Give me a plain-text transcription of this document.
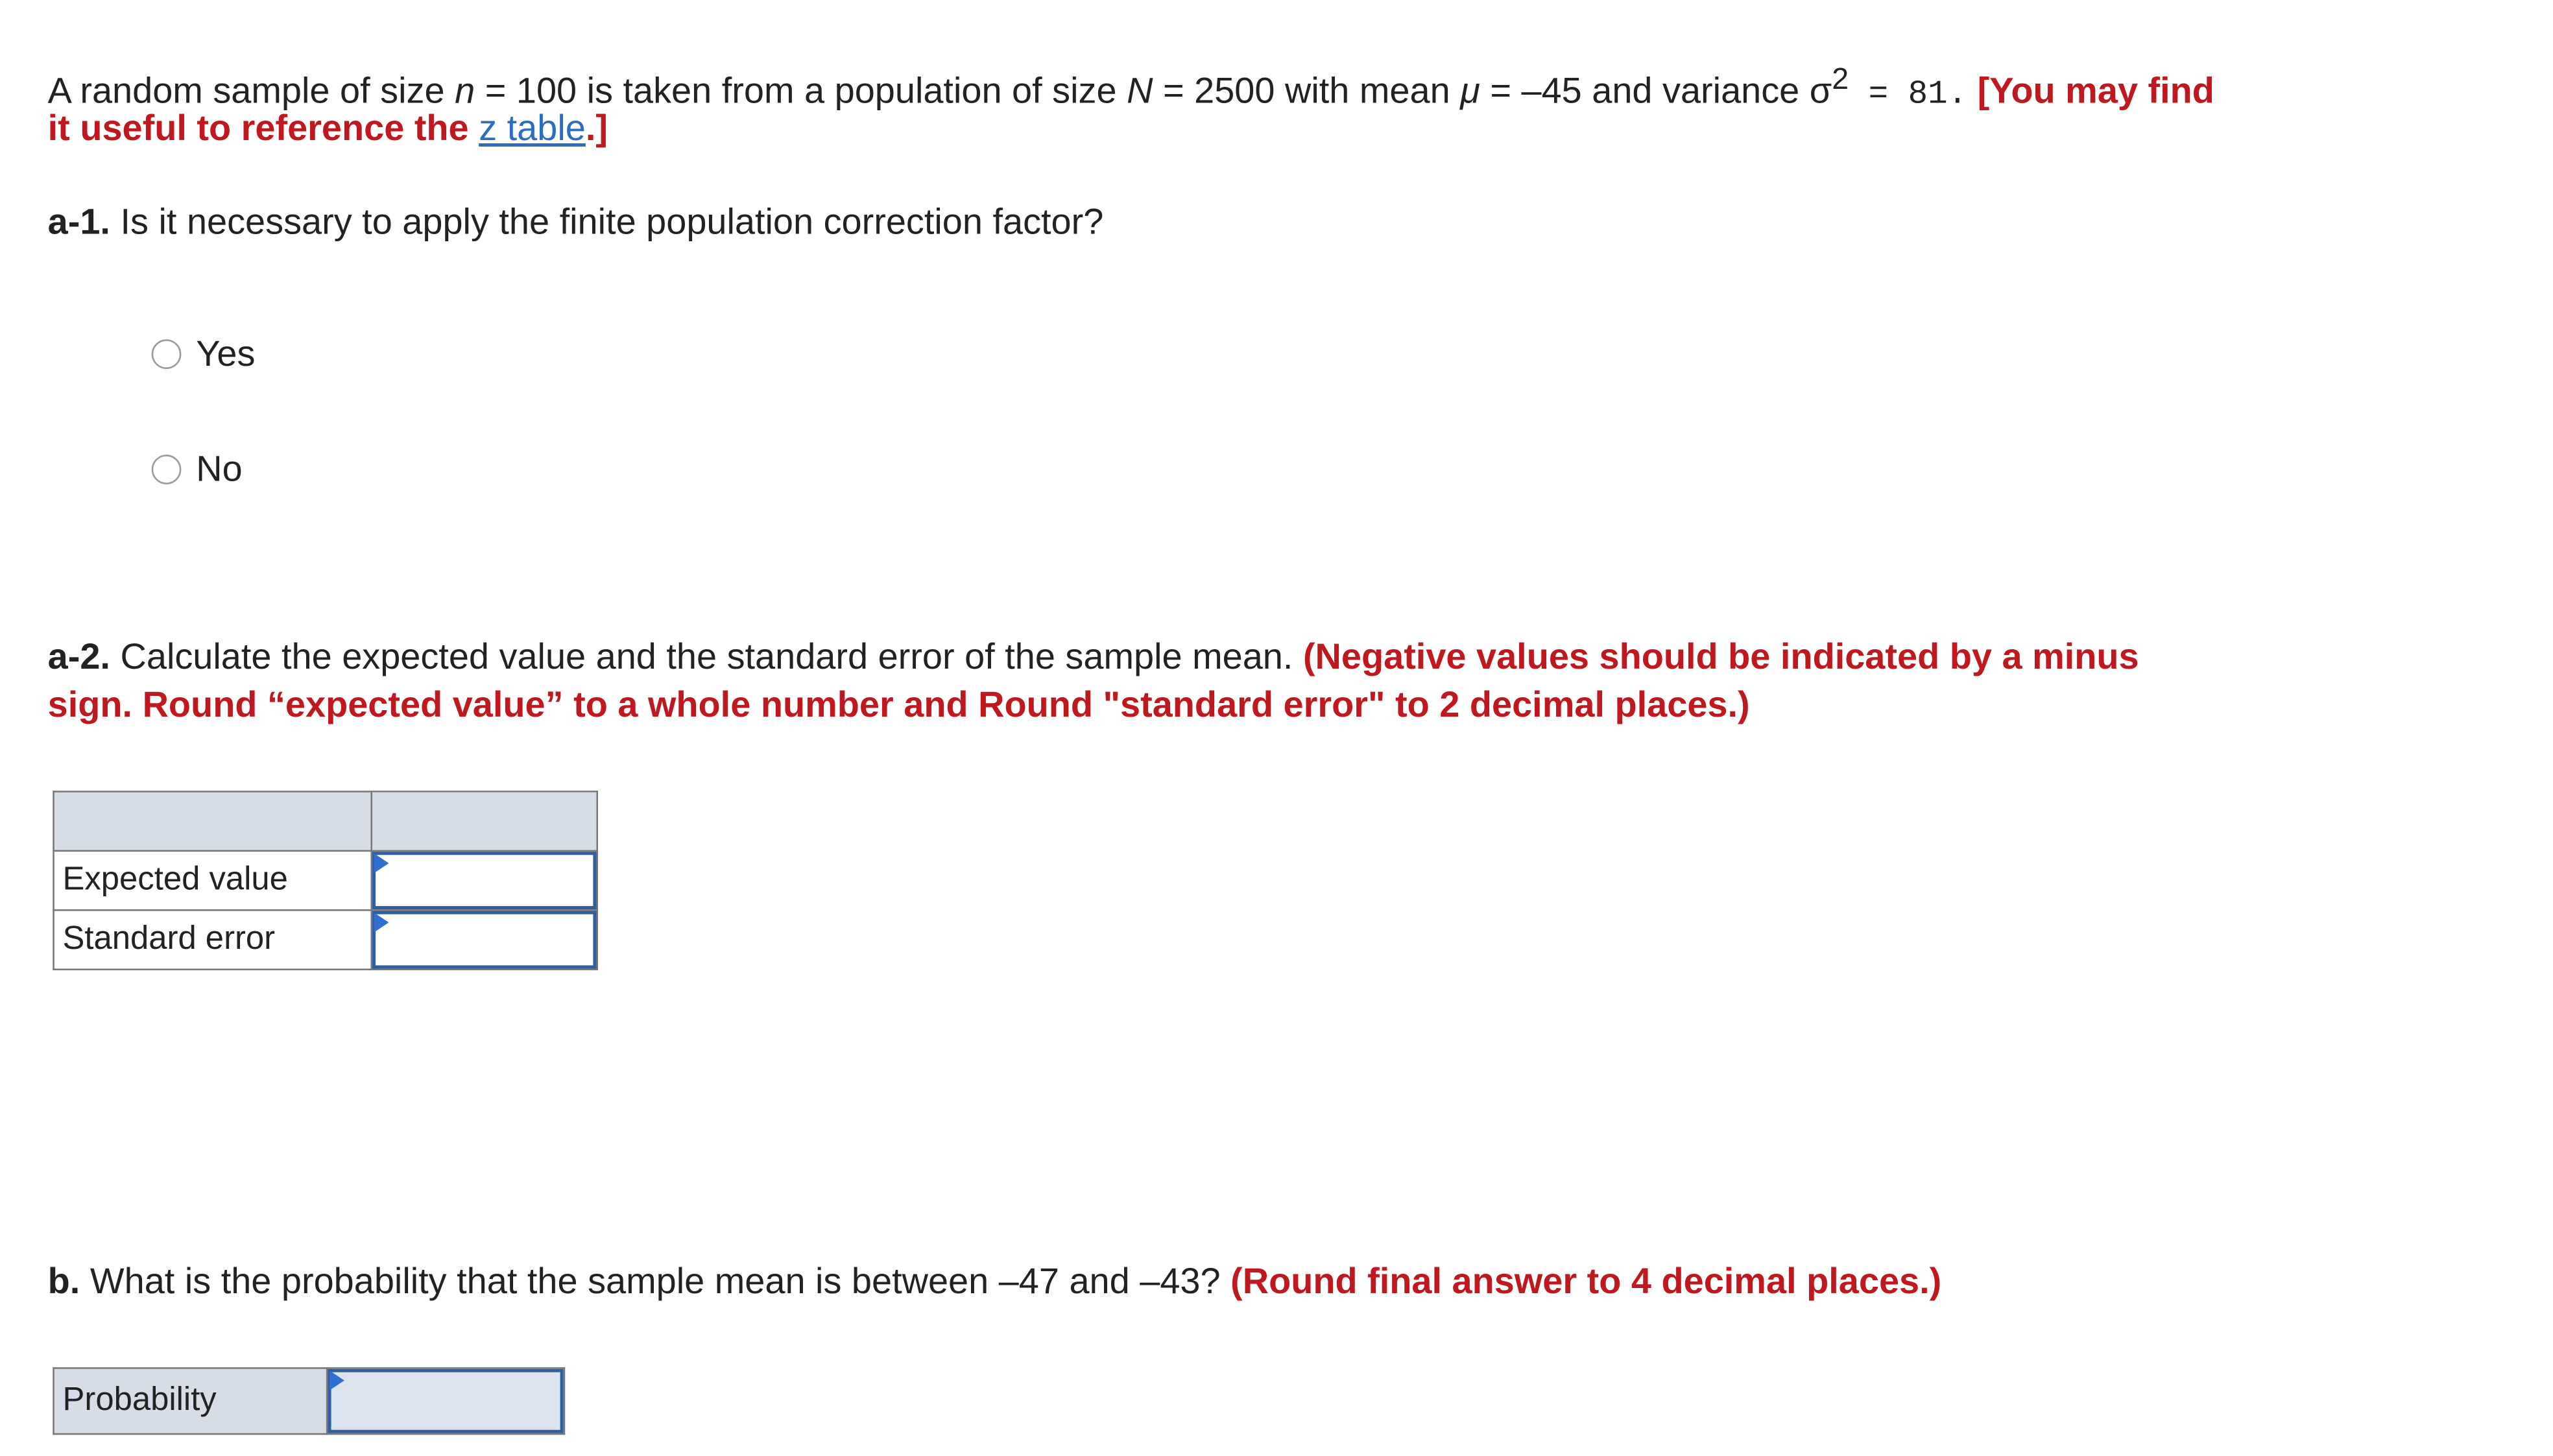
A random sample of size n = 100 is taken from a population of size N = 2500 with mean μ = –45 and variance $\sigma^2 = 81$. [You may find
it useful to reference the z table.]
a-1. Is it necessary to apply the finite population correction factor?
Yes
No
a-2. Calculate the expected value and the standard error of the sample mean. (Negative values should be indicated by a minus
sign. Round “expected value” to a whole number and Round "standard error" to 2 decimal places.)

Expected value	

Standard error	
b. What is the probability that the sample mean is between –47 and –43? (Round final answer to 4 decimal places.)
Probability	
